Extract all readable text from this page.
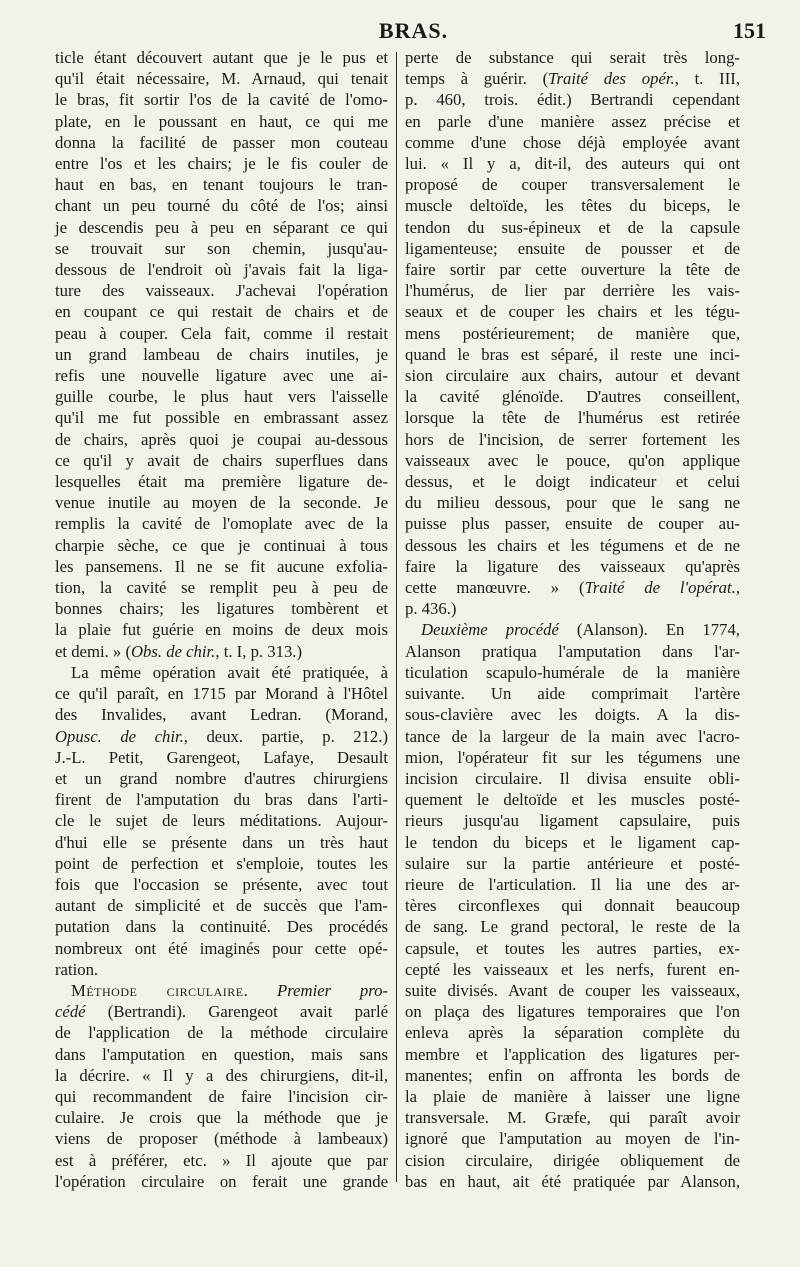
BRAS.	151
ticle étant découvert autant que je le pus et
qu'il était nécessaire, M. Arnaud, qui tenait
le bras, fit sortir l'os de la cavité de l'omo-
plate, en le poussant en haut, ce qui me
donna la facilité de passer mon couteau
entre l'os et les chairs; je le fis couler de
haut en bas, en tenant toujours le tran-
chant un peu tourné du côté de l'os; ainsi
je descendis peu à peu en séparant ce qui
se trouvait sur son chemin, jusqu'au-
dessous de l'endroit où j'avais fait la liga-
ture des vaisseaux. J'achevai l'opération
en coupant ce qui restait de chairs et de
peau à couper. Cela fait, comme il restait
un grand lambeau de chairs inutiles, je
refis une nouvelle ligature avec une ai-
guille courbe, le plus haut vers l'aisselle
qu'il me fut possible en embrassant assez
de chairs, après quoi je coupai au-dessous
ce qu'il y avait de chairs superflues dans
lesquelles était ma première ligature de-
venue inutile au moyen de la seconde. Je
remplis la cavité de l'omoplate avec de la
charpie sèche, ce que je continuai à tous
les pansemens. Il ne se fit aucune exfolia-
tion, la cavité se remplit peu à peu de
bonnes chairs; les ligatures tombèrent et
la plaie fut guérie en moins de deux mois
et demi. » (Obs. de chir., t. I, p. 313.)
La même opération avait été pratiquée, à
ce qu'il paraît, en 1715 par Morand à l'Hôtel
des Invalides, avant Ledran. (Morand,
Opusc. de chir., deux. partie, p. 212.)
J.-L. Petit, Garengeot, Lafaye, Desault
et un grand nombre d'autres chirurgiens
firent de l'amputation du bras dans l'arti-
cle le sujet de leurs méditations. Aujour-
d'hui elle se présente dans un très haut
point de perfection et s'emploie, toutes les
fois que l'occasion se présente, avec tout
autant de simplicité et de succès que l'am-
putation dans la continuité. Des procédés
nombreux ont été imaginés pour cette opé-
ration.
Méthode circulaire. Premier pro-
cédé (Bertrandi). Garengeot avait parlé
de l'application de la méthode circulaire
dans l'amputation en question, mais sans
la décrire. « Il y a des chirurgiens, dit-il,
qui recommandent de faire l'incision cir-
culaire. Je crois que la méthode que je
viens de proposer (méthode à lambeaux)
est à préférer, etc. » Il ajoute que par
l'opération circulaire on ferait une grande
perte de substance qui serait très long-
temps à guérir. (Traité des opér., t. III,
p. 460, trois. édit.) Bertrandi cependant
en parle d'une manière assez précise et
comme d'une chose déjà employée avant
lui. « Il y a, dit-il, des auteurs qui ont
proposé de couper transversalement le
muscle deltoïde, les têtes du biceps, le
tendon du sus-épineux et de la capsule
ligamenteuse; ensuite de pousser et de
faire sortir par cette ouverture la tête de
l'humérus, de lier par derrière les vais-
seaux et de couper les chairs et les tégu-
mens postérieurement; de manière que,
quand le bras est séparé, il reste une inci-
sion circulaire aux chairs, autour et devant
la cavité glénoïde. D'autres conseillent,
lorsque la tête de l'humérus est retirée
hors de l'incision, de serrer fortement les
vaisseaux avec le pouce, qu'on applique
dessus, et le doigt indicateur et celui
du milieu dessous, pour que le sang ne
puisse plus passer, ensuite de couper au-
dessous les chairs et les tégumens et de ne
faire la ligature des vaisseaux qu'après
cette manœuvre. » (Traité de l'opérat.,
p. 436.)
Deuxième procédé (Alanson). En 1774,
Alanson pratiqua l'amputation dans l'ar-
ticulation scapulo-humérale de la manière
suivante. Un aide comprimait l'artère
sous-clavière avec les doigts. A la dis-
tance de la largeur de la main avec l'acro-
mion, l'opérateur fit sur les tégumens une
incision circulaire. Il divisa ensuite obli-
quement le deltoïde et les muscles posté-
rieurs jusqu'au ligament capsulaire, puis
le tendon du biceps et le ligament cap-
sulaire sur la partie antérieure et posté-
rieure de l'articulation. Il lia une des ar-
tères circonflexes qui donnait beaucoup
de sang. Le grand pectoral, le reste de la
capsule, et toutes les autres parties, ex-
cepté les vaisseaux et les nerfs, furent en-
suite divisés. Avant de couper les vaisseaux,
on plaça des ligatures temporaires que l'on
enleva après la séparation complète du
membre et l'application des ligatures per-
manentes; enfin on affronta les bords de
la plaie de manière à laisser une ligne
transversale. M. Græfe, qui paraît avoir
ignoré que l'amputation au moyen de l'in-
cision circulaire, dirigée obliquement de
bas en haut, ait été pratiquée par Alanson,
